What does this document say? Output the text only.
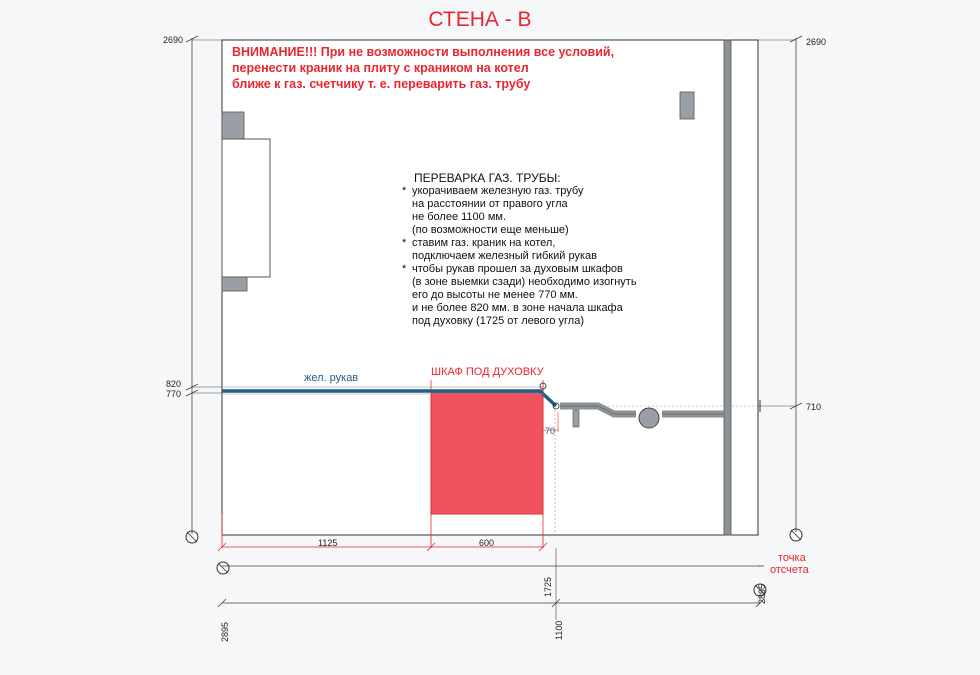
2690
820
770
2690
710
70
1125	600
1725	2895
2895	1100
жел. рукав	ШКАФ ПОД ДУХОВКУ
точка
отсчета
СТЕНА - В
ВНИМАНИЕ!!! При не возможности выполнения все условий,
перенести краник на плиту с краником на котел
ближе к газ. счетчику т. е. переварить газ. трубу
ПЕРЕВАРКА ГАЗ. ТРУБЫ:
* укорачиваем железную газ. трубу
на расстоянии от правого угла
не более 1100 мм.
(по возможности еще меньше)
* ставим газ. краник на котел,
подключаем железный гибкий рукав
* чтобы рукав прошел за духовым шкафов
(в зоне выемки сзади) необходимо изогнуть
его до высоты не менее 770 мм.
и не более 820 мм. в зоне начала шкафа
под духовку (1725 от левого угла)
